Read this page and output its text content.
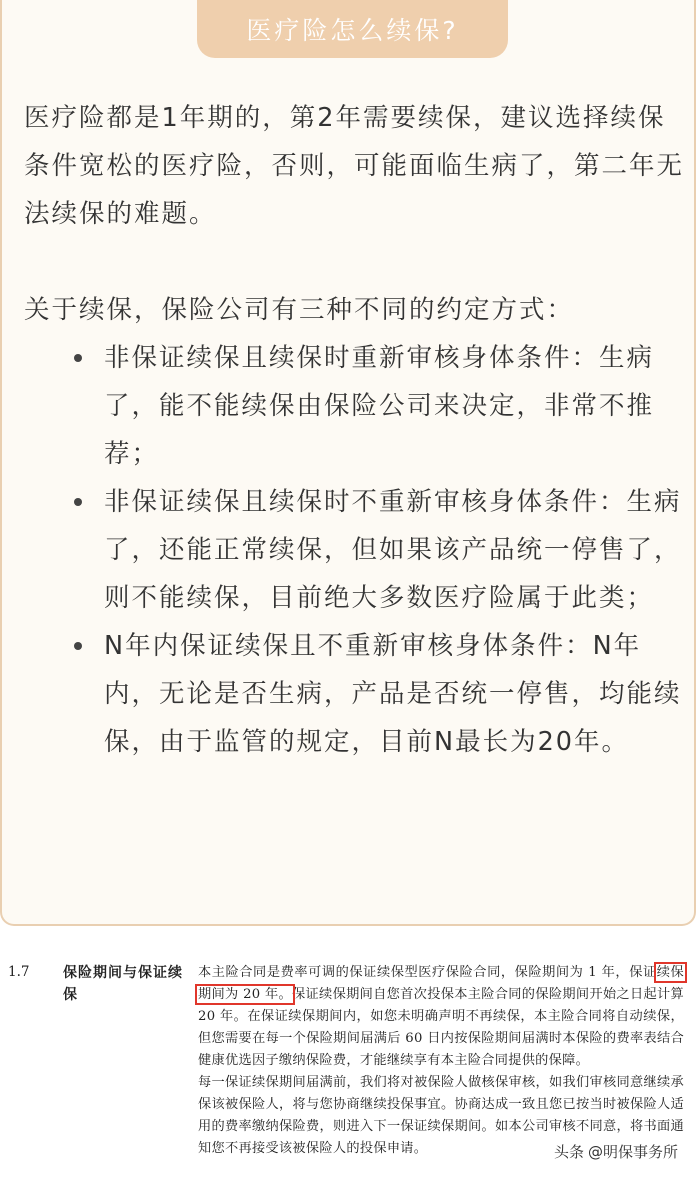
医疗险怎么续保?

医疗险都是1年期的，第2年需要续保，建议选择续保条件宽松的医疗险，否则，可能面临生病了，第二年无法续保的难题。

关于续保，保险公司有三种不同的约定方式：

非保证续保且续保时重新审核身体条件：生病了，能不能续保由保险公司来决定，非常不推荐；
非保证续保且续保时不重新审核身体条件：生病了，还能正常续保，但如果该产品统一停售了，则不能续保，目前绝大多数医疗险属于此类；
N年内保证续保且不重新审核身体条件：N年内，无论是否生病，产品是否统一停售，均能续保，由于监管的规定，目前N最长为20年。
1.7 保险期间与保证续保

本主险合同是费率可调的保证续保型医疗保险合同，保险期间为 1 年，保证续保期间为 20 年。保证续保期间自您首次投保本主险合同的保险期间开始之日起计算 20 年。在保证续保期间内，如您未明确声明不再续保，本主险合同将自动续保，但您需要在每一个保险期间届满后 60 日内按保险期间届满时本保险的费率表结合健康优选因子缴纳保险费，才能继续享有本主险合同提供的保障。

每一保证续保期间届满前，我们将对被保险人做核保审核，如我们审核同意继续承保该被保险人，将与您协商继续投保事宜。协商达成一致且您已按当时被保险人适用的费率缴纳保险费，则进入下一保证续保期间。如本公司审核不同意，将书面通知您不再接受该被保险人的投保申请。	头条 @明保事务所
